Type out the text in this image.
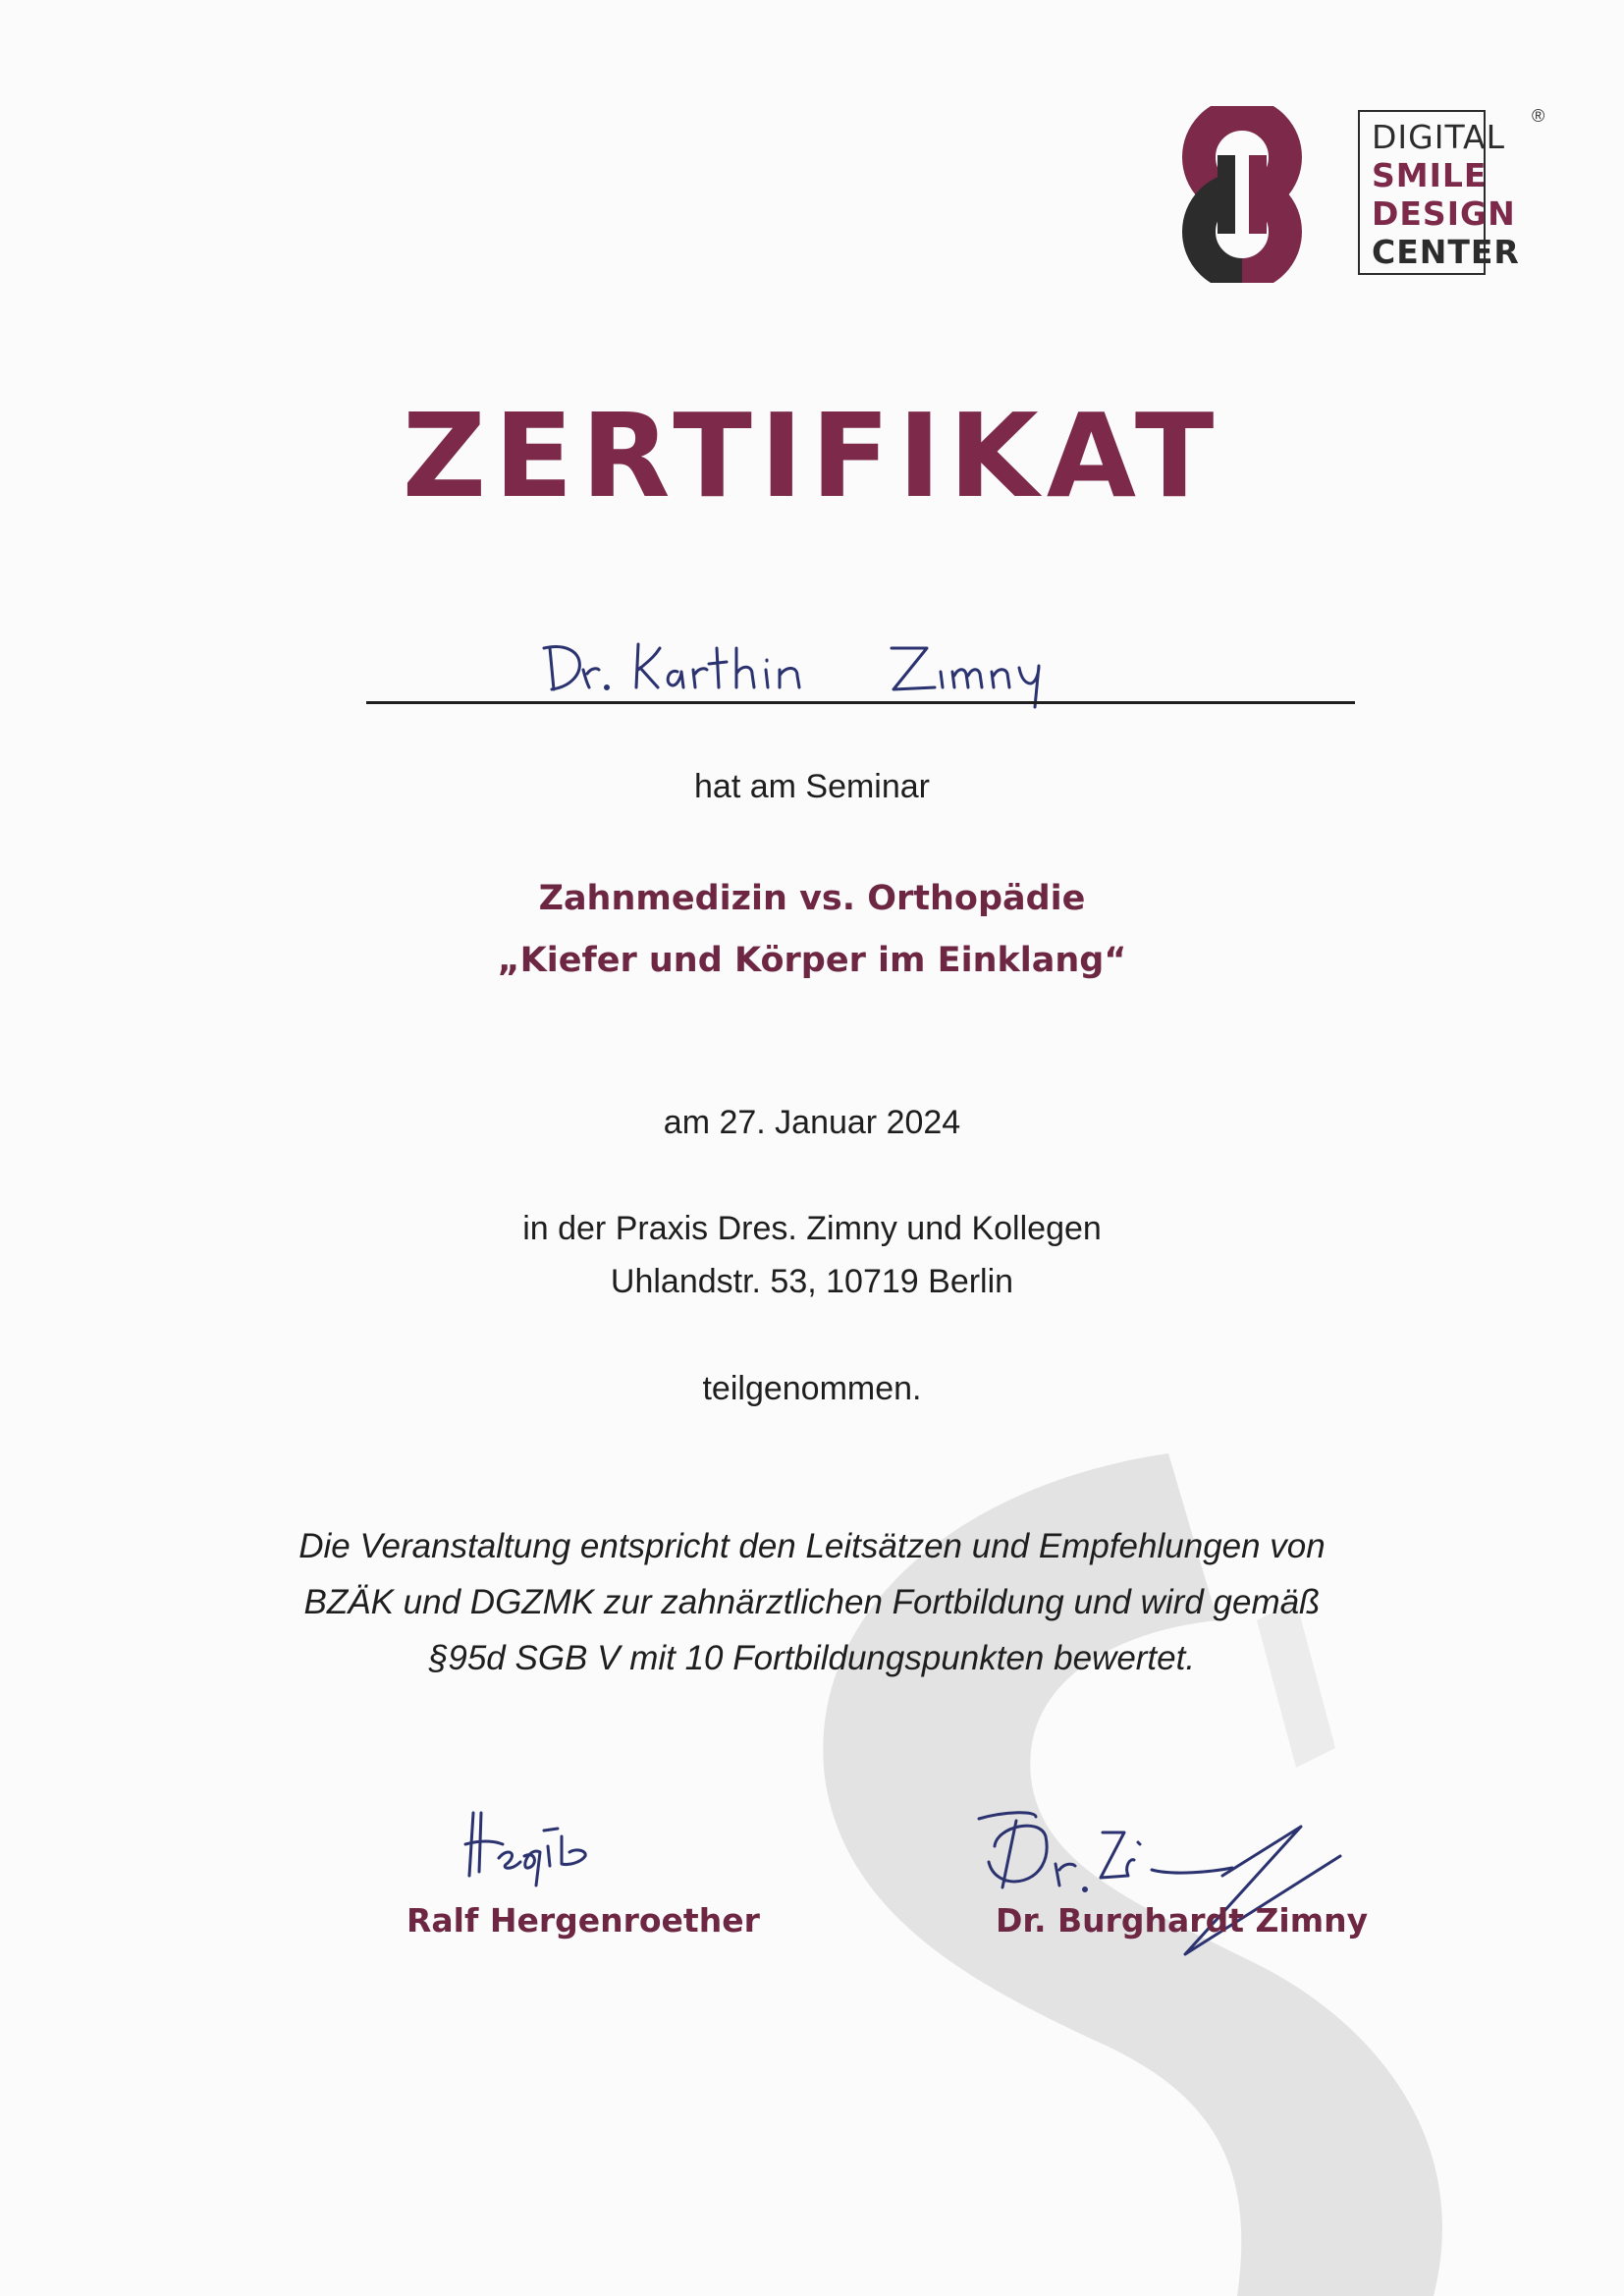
DIGITAL
SMILE
DESIGN
CENTER
®
ZERTIFIKAT
hat am Seminar
Zahnmedizin vs. Orthopädie
„Kiefer und Körper im Einklang“
am 27. Januar 2024
in der Praxis Dres. Zimny und Kollegen
Uhlandstr. 53, 10719 Berlin
teilgenommen.
Die Veranstaltung entspricht den Leitsätzen und Empfehlungen von
BZÄK und DGZMK zur zahnärztlichen Fortbildung und wird gemäß
§95d SGB V mit 10 Fortbildungspunkten bewertet.
Ralf Hergenroether	Dr. Burghardt Zimny
